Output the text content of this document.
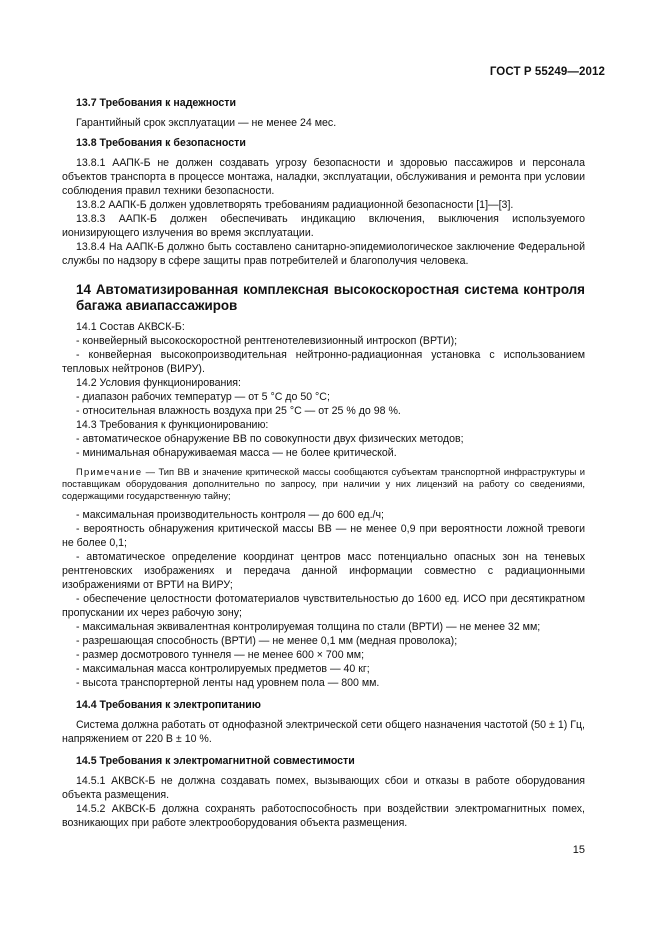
ГОСТ Р 55249—2012

13.7 Требования к надежности

Гарантийный срок эксплуатации — не менее 24 мес.

13.8 Требования к безопасности

13.8.1 ААПК-Б не должен создавать угрозу безопасности и здоровью пассажиров и персонала объектов транспорта в процессе монтажа, наладки, эксплуатации, обслуживания и ремонта при условии соблюдения правил техники безопасности.

13.8.2 ААПК-Б должен удовлетворять требованиям радиационной безопасности [1]—[3].

13.8.3 ААПК-Б должен обеспечивать индикацию включения, выключения используемого ионизирующего излучения во время эксплуатации.

13.8.4 На ААПК-Б должно быть составлено санитарно-эпидемиологическое заключение Федеральной службы по надзору в сфере защиты прав потребителей и благополучия человека.

14 Автоматизированная комплексная высокоскоростная система контроля багажа авиапассажиров

14.1 Состав АКВСК-Б:

- конвейерный высокоскоростной рентгенотелевизионный интроскоп (ВРТИ);

- конвейерная высокопроизводительная нейтронно-радиационная установка с использованием тепловых нейтронов (ВИРУ).

14.2 Условия функционирования:

- диапазон рабочих температур — от 5 °С до 50 °С;

- относительная влажность воздуха при 25 °С — от 25 % до 98 %.

14.3 Требования к функционированию:

- автоматическое обнаружение ВВ по совокупности двух физических методов;

- минимальная обнаруживаемая масса — не более критической.

Примечание — Тип ВВ и значение критической массы сообщаются субъектам транспортной инфраструктуры и поставщикам оборудования дополнительно по запросу, при наличии у них лицензий на работу со сведениями, содержащими государственную тайну;

- максимальная производительность контроля — до 600 ед./ч;

- вероятность обнаружения критической массы ВВ — не менее 0,9 при вероятности ложной тревоги не более 0,1;

- автоматическое определение координат центров масс потенциально опасных зон на теневых рентгеновских изображениях и передача данной информации совместно с радиационными изображениями от ВРТИ на ВИРУ;

- обеспечение целостности фотоматериалов чувствительностью до 1600 ед. ИСО при десятикратном пропускании их через рабочую зону;

- максимальная эквивалентная контролируемая толщина по стали (ВРТИ) — не менее 32 мм;

- разрешающая способность (ВРТИ) — не менее 0,1 мм (медная проволока);

- размер досмотрового туннеля — не менее 600 × 700 мм;

- максимальная масса контролируемых предметов — 40 кг;

- высота транспортерной ленты над уровнем пола — 800 мм.

14.4 Требования к электропитанию

Система должна работать от однофазной электрической сети общего назначения частотой (50 ± 1) Гц, напряжением от 220 В ± 10 %.

14.5 Требования к электромагнитной совместимости

14.5.1 АКВСК-Б не должна создавать помех, вызывающих сбои и отказы в работе оборудования объекта размещения.

14.5.2 АКВСК-Б должна сохранять работоспособность при воздействии электромагнитных помех, возникающих при работе электрооборудования объекта размещения.

15
